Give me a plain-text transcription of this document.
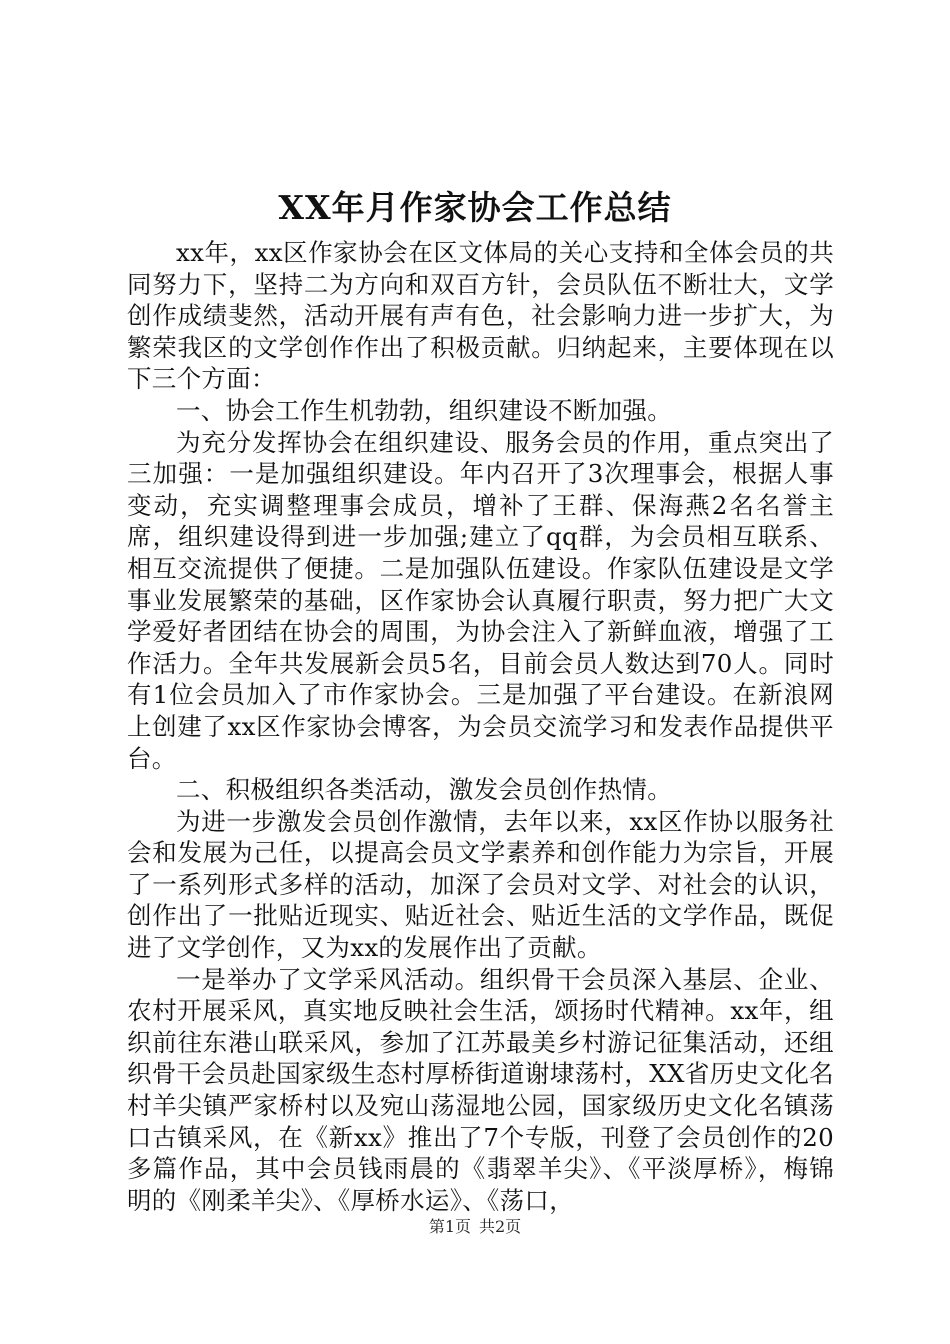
XX年月作家协会工作总结

xx年，xx区作家协会在区文体局的关心支持和全体会员的共同努力下，坚持二为方向和双百方针，会员队伍不断壮大，文学创作成绩斐然，活动开展有声有色，社会影响力进一步扩大，为繁荣我区的文学创作作出了积极贡献。归纳起来，主要体现在以下三个方面：

一、协会工作生机勃勃，组织建设不断加强。

为充分发挥协会在组织建设、服务会员的作用，重点突出了三加强：一是加强组织建设。年内召开了3次理事会，根据人事变动，充实调整理事会成员，增补了王群、保海燕2名名誉主席，组织建设得到进一步加强;建立了qq群，为会员相互联系、相互交流提供了便捷。二是加强队伍建设。作家队伍建设是文学事业发展繁荣的基础，区作家协会认真履行职责，努力把广大文学爱好者团结在协会的周围，为协会注入了新鲜血液，增强了工作活力。全年共发展新会员5名，目前会员人数达到70人。同时有1位会员加入了市作家协会。三是加强了平台建设。在新浪网上创建了xx区作家协会博客，为会员交流学习和发表作品提供平台。

二、积极组织各类活动，激发会员创作热情。

为进一步激发会员创作激情，去年以来，xx区作协以服务社会和发展为己任，以提高会员文学素养和创作能力为宗旨，开展了一系列形式多样的活动，加深了会员对文学、对社会的认识，创作出了一批贴近现实、贴近社会、贴近生活的文学作品，既促进了文学创作，又为xx的发展作出了贡献。

一是举办了文学采风活动。组织骨干会员深入基层、企业、农村开展采风，真实地反映社会生活，颂扬时代精神。xx年，组织前往东港山联采风，参加了江苏最美乡村游记征集活动，还组织骨干会员赴国家级生态村厚桥街道谢埭荡村，XX省历史文化名村羊尖镇严家桥村以及宛山荡湿地公园，国家级历史文化名镇荡口古镇采风，在《新xx》推出了7个专版，刊登了会员创作的20多篇作品，其中会员钱雨晨的《翡翠羊尖》、《平淡厚桥》，梅锦明的《刚柔羊尖》、《厚桥水运》、《荡口，

第1页 共2页
